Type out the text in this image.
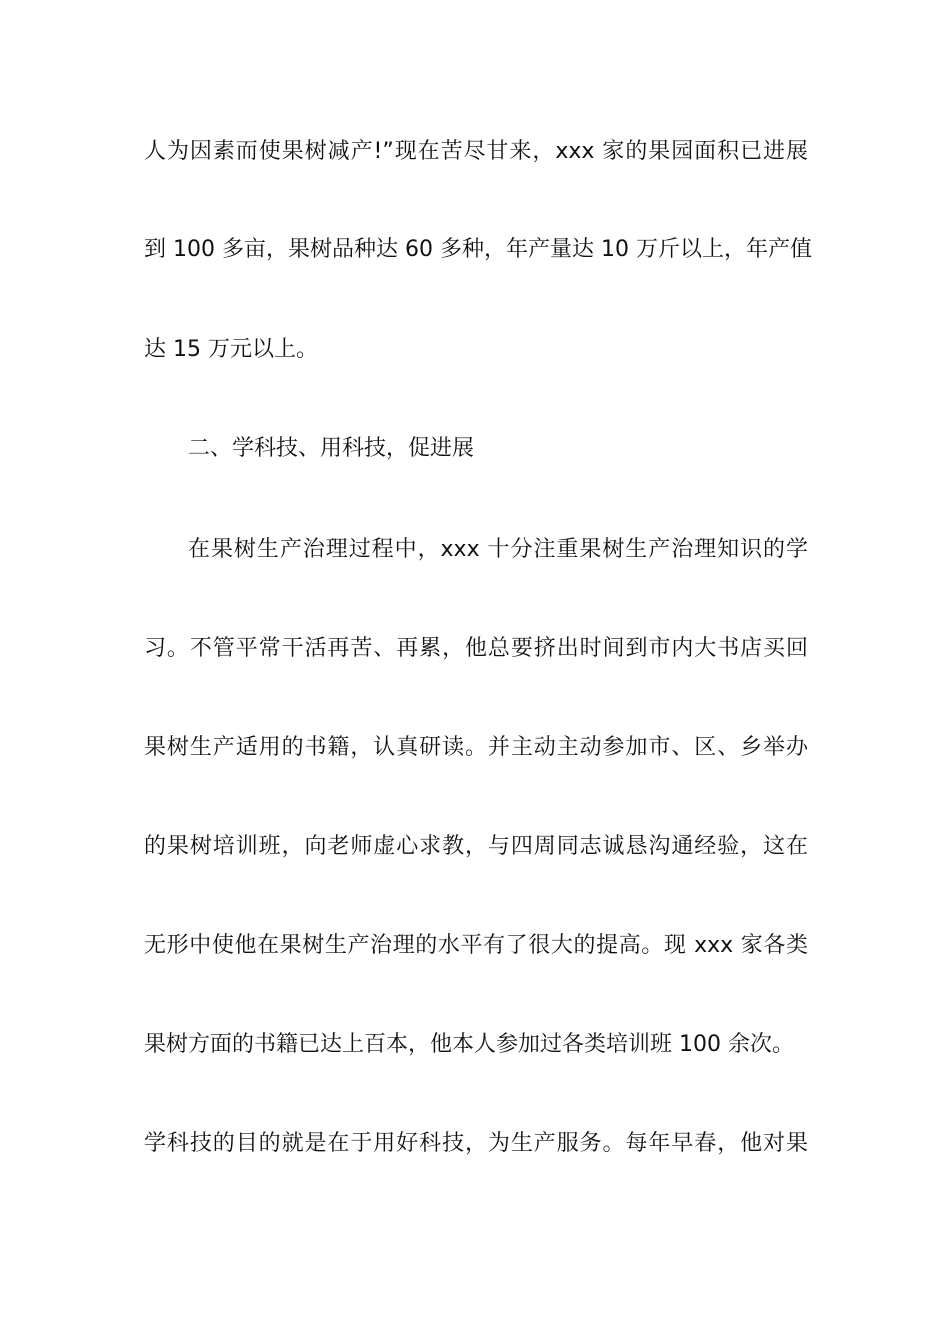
人为因素而使果树减产!”现在苦尽甘来，xxx 家的果园面积已进展
到 100 多亩，果树品种达 60 多种，年产量达 10 万斤以上，年产值
达 15 万元以上。
二、学科技、用科技，促进展
在果树生产治理过程中，xxx 十分注重果树生产治理知识的学
习。不管平常干活再苦、再累，他总要挤出时间到市内大书店买回
果树生产适用的书籍，认真研读。并主动主动参加市、区、乡举办
的果树培训班，向老师虚心求教，与四周同志诚恳沟通经验，这在
无形中使他在果树生产治理的水平有了很大的提高。现 xxx 家各类
果树方面的书籍已达上百本，他本人参加过各类培训班 100 余次。
学科技的目的就是在于用好科技，为生产服务。每年早春，他对果
